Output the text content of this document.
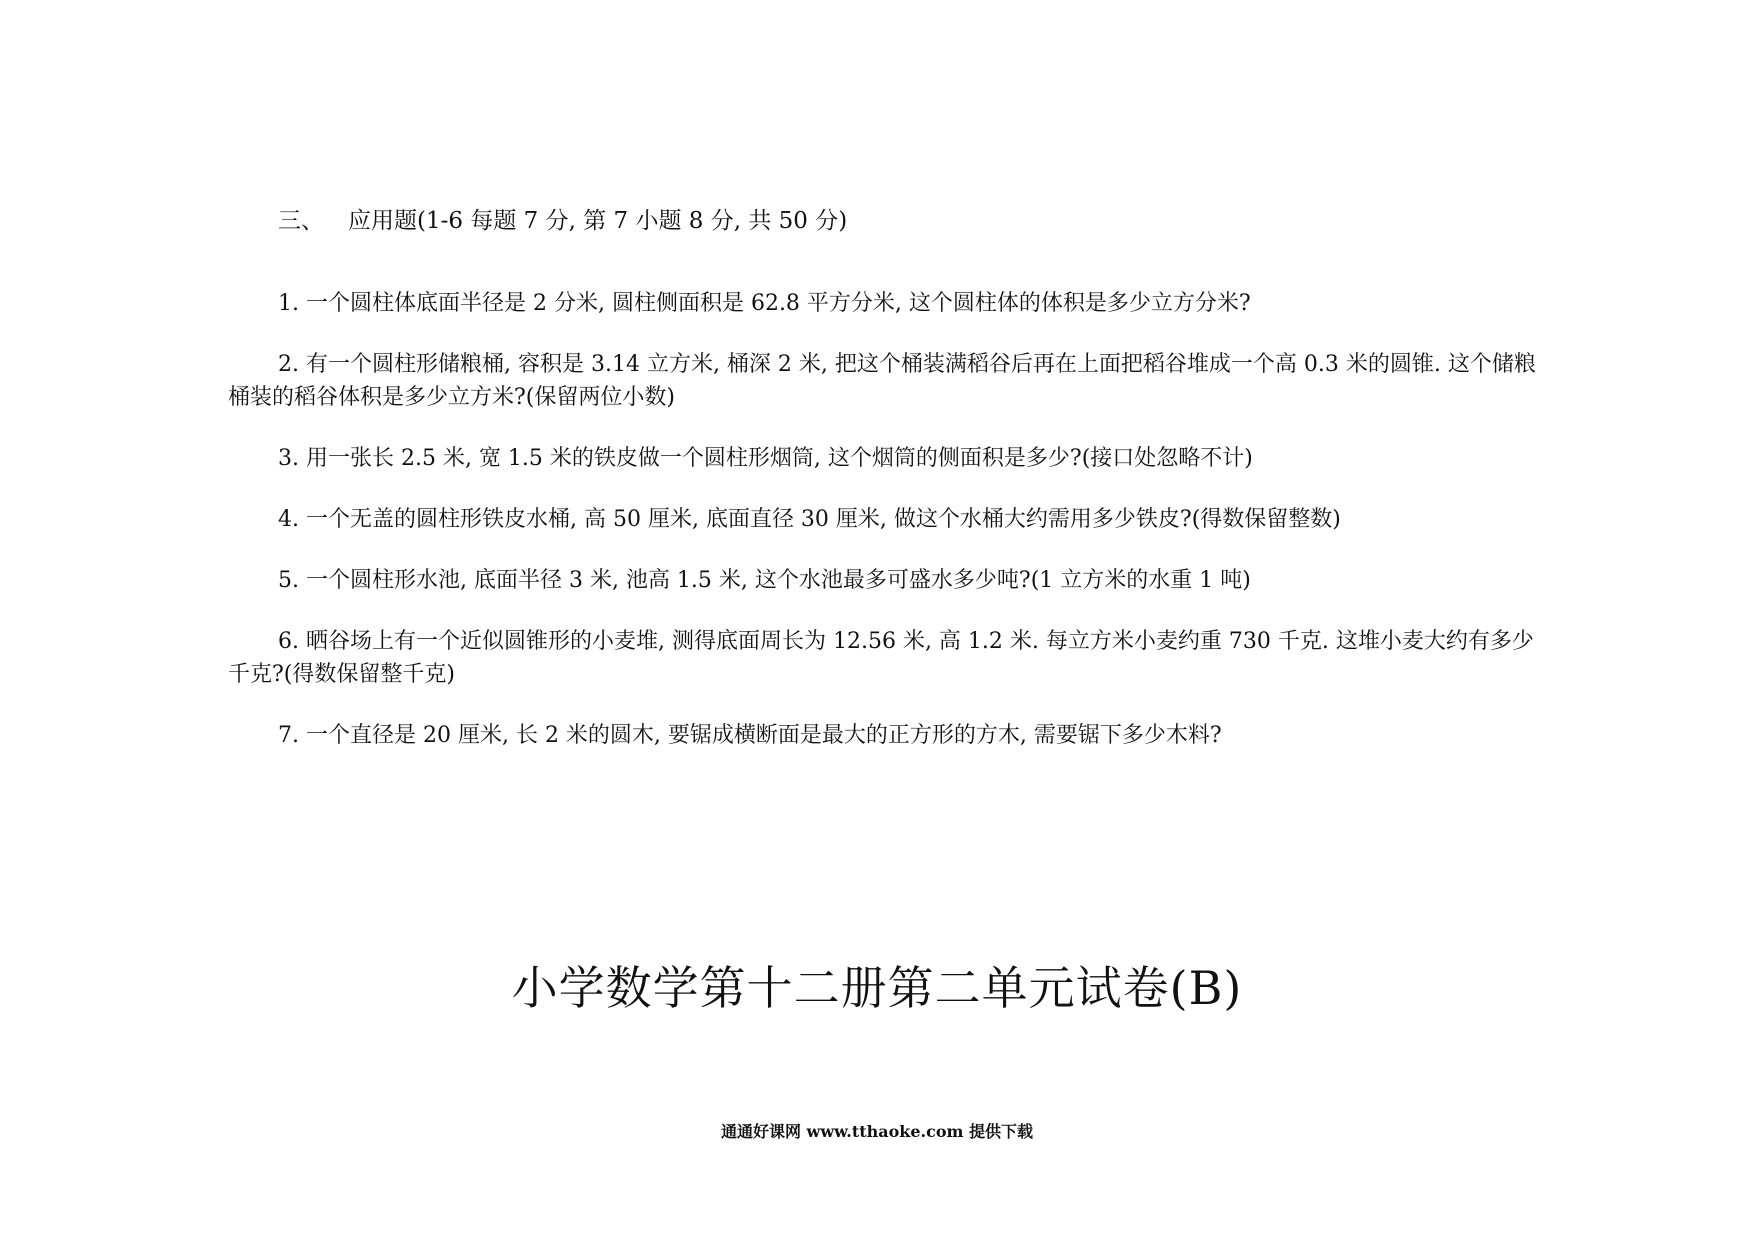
三、 应用题(1-6 每题 7 分, 第 7 小题 8 分, 共 50 分)

1. 一个圆柱体底面半径是 2 分米, 圆柱侧面积是 62.8 平方分米, 这个圆柱体的体积是多少立方分米?

2. 有一个圆柱形储粮桶, 容积是 3.14 立方米, 桶深 2 米, 把这个桶装满稻谷后再在上面把稻谷堆成一个高 0.3 米的圆锥. 这个储粮桶装的稻谷体积是多少立方米?(保留两位小数)

3. 用一张长 2.5 米, 宽 1.5 米的铁皮做一个圆柱形烟筒, 这个烟筒的侧面积是多少?(接口处忽略不计)

4. 一个无盖的圆柱形铁皮水桶, 高 50 厘米, 底面直径 30 厘米, 做这个水桶大约需用多少铁皮?(得数保留整数)

5. 一个圆柱形水池, 底面半径 3 米, 池高 1.5 米, 这个水池最多可盛水多少吨?(1 立方米的水重 1 吨)

6. 晒谷场上有一个近似圆锥形的小麦堆, 测得底面周长为 12.56 米, 高 1.2 米. 每立方米小麦约重 730 千克. 这堆小麦大约有多少千克?(得数保留整千克)

7. 一个直径是 20 厘米, 长 2 米的圆木, 要锯成横断面是最大的正方形的方木, 需要锯下多少木料?

小学数学第十二册第二单元试卷(B)
通通好课网 www.tthaoke.com 提供下载
